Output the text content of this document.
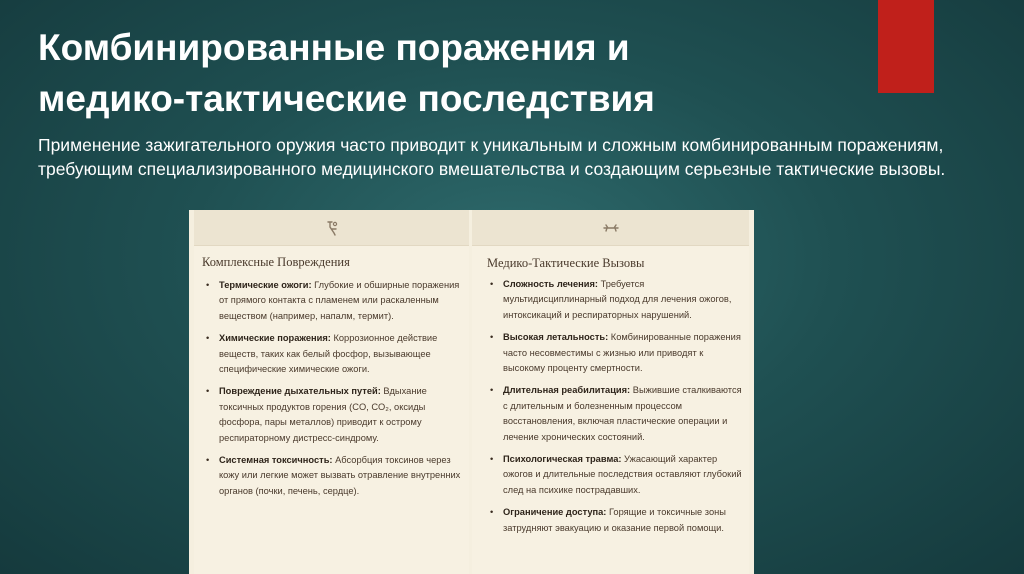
Комбинированные поражения и
медико-тактические последствия

Применение зажигательного оружия часто приводит к уникальным и сложным комбинированным поражениям, требующим специализированного медицинского вмешательства и создающим серьезные тактические вызовы.

Комплексные Повреждения
• Термические ожоги: Глубокие и обширные поражения от прямого контакта с пламенем или раскаленным веществом (например, напалм, термит).
• Химические поражения: Коррозионное действие веществ, таких как белый фосфор, вызывающее специфические химические ожоги.
• Повреждение дыхательных путей: Вдыхание токсичных продуктов горения (CO, CO₂, оксиды фосфора, пары металлов) приводит к острому респираторному дистресс-синдрому.
• Системная токсичность: Абсорбция токсинов через кожу или легкие может вызвать отравление внутренних органов (почки, печень, сердце).
Медико-Тактические Вызовы
• Сложность лечения: Требуется мультидисциплинарный подход для лечения ожогов, интоксикаций и респираторных нарушений.
• Высокая летальность: Комбинированные поражения часто несовместимы с жизнью или приводят к высокому проценту смертности.
• Длительная реабилитация: Выжившие сталкиваются с длительным и болезненным процессом восстановления, включая пластические операции и лечение хронических состояний.
• Психологическая травма: Ужасающий характер ожогов и длительные последствия оставляют глубокий след на психике пострадавших.
• Ограничение доступа: Горящие и токсичные зоны затрудняют эвакуацию и оказание первой помощи.
